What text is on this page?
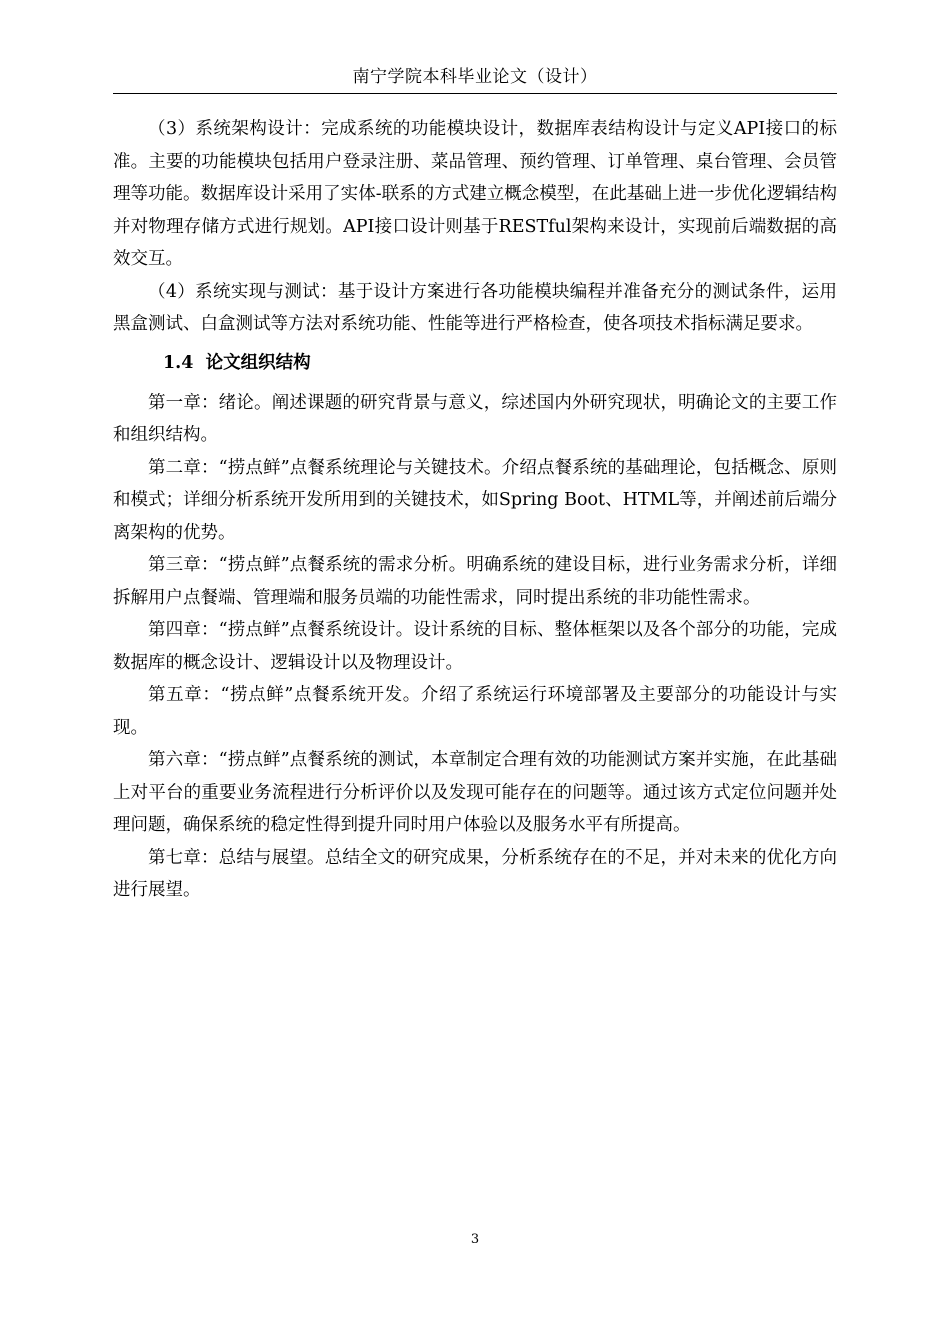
南宁学院本科毕业论文（设计）

（3）系统架构设计：完成系统的功能模块设计，数据库表结构设计与定义API接口的标准。主要的功能模块包括用户登录注册、菜品管理、预约管理、订单管理、桌台管理、会员管理等功能。数据库设计采用了实体-联系的方式建立概念模型，在此基础上进一步优化逻辑结构并对物理存储方式进行规划。API接口设计则基于RESTful架构来设计，实现前后端数据的高效交互。

（4）系统实现与测试：基于设计方案进行各功能模块编程并准备充分的测试条件，运用黑盒测试、白盒测试等方法对系统功能、性能等进行严格检查，使各项技术指标满足要求。

1.4 论文组织结构

第一章：绪论。阐述课题的研究背景与意义，综述国内外研究现状，明确论文的主要工作和组织结构。

第二章：“捞点鲜”点餐系统理论与关键技术。介绍点餐系统的基础理论，包括概念、原则和模式；详细分析系统开发所用到的关键技术，如Spring Boot、HTML等，并阐述前后端分离架构的优势。

第三章：“捞点鲜”点餐系统的需求分析。明确系统的建设目标，进行业务需求分析，详细拆解用户点餐端、管理端和服务员端的功能性需求，同时提出系统的非功能性需求。

第四章：“捞点鲜”点餐系统设计。设计系统的目标、整体框架以及各个部分的功能，完成数据库的概念设计、逻辑设计以及物理设计。

第五章：“捞点鲜”点餐系统开发。介绍了系统运行环境部署及主要部分的功能设计与实现。

第六章：“捞点鲜”点餐系统的测试，本章制定合理有效的功能测试方案并实施，在此基础上对平台的重要业务流程进行分析评价以及发现可能存在的问题等。通过该方式定位问题并处理问题，确保系统的稳定性得到提升同时用户体验以及服务水平有所提高。

第七章：总结与展望。总结全文的研究成果，分析系统存在的不足，并对未来的优化方向进行展望。

3
